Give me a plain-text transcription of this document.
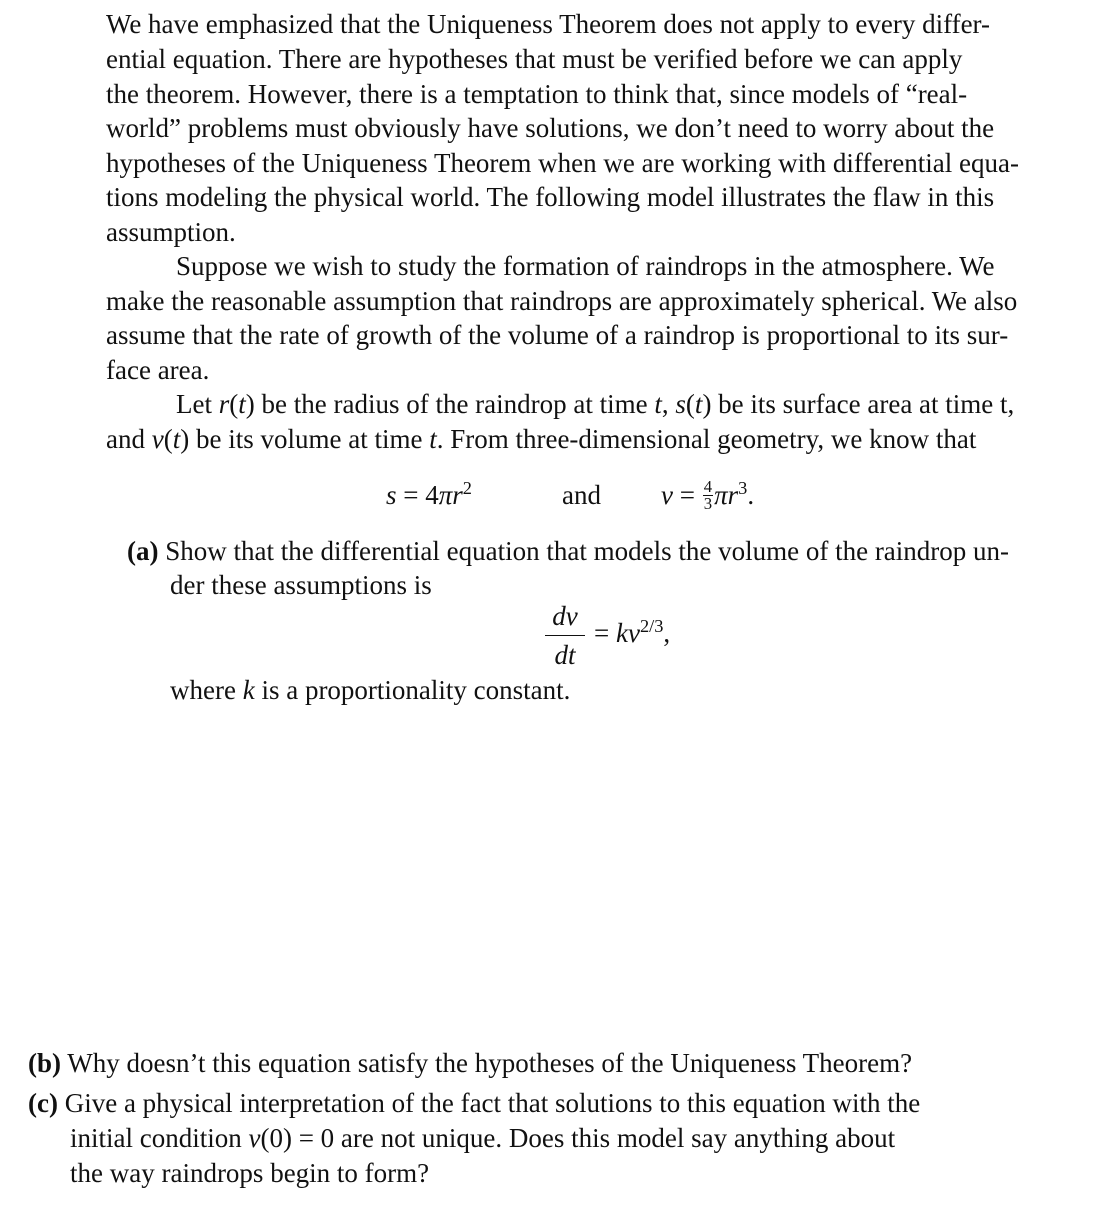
We have emphasized that the Uniqueness Theorem does not apply to every differ-
ential equation. There are hypotheses that must be verified before we can apply
the theorem. However, there is a temptation to think that, since models of “real-
world” problems must obviously have solutions, we don’t need to worry about the
hypotheses of the Uniqueness Theorem when we are working with differential equa-
tions modeling the physical world. The following model illustrates the flaw in this
assumption.
Suppose we wish to study the formation of raindrops in the atmosphere. We
make the reasonable assumption that raindrops are approximately spherical. We also
assume that the rate of growth of the volume of a raindrop is proportional to its sur-
face area.
Let r(t) be the radius of the raindrop at time t, s(t) be its surface area at time t,
and v(t) be its volume at time t. From three-dimensional geometry, we know that
$s = 4\pi r^2$	and $v = \frac{4}{3} \pi r^3$.
(a) Show that the differential equation that models the volume of the raindrop un-
der these assumptions is
$\frac{dv}{dt} = kv^{2/3}$,
where k is a proportionality constant.
(b) Why doesn’t this equation satisfy the hypotheses of the Uniqueness Theorem?
(c) Give a physical interpretation of the fact that solutions to this equation with the
initial condition v(0) = 0 are not unique. Does this model say anything about
the way raindrops begin to form?
